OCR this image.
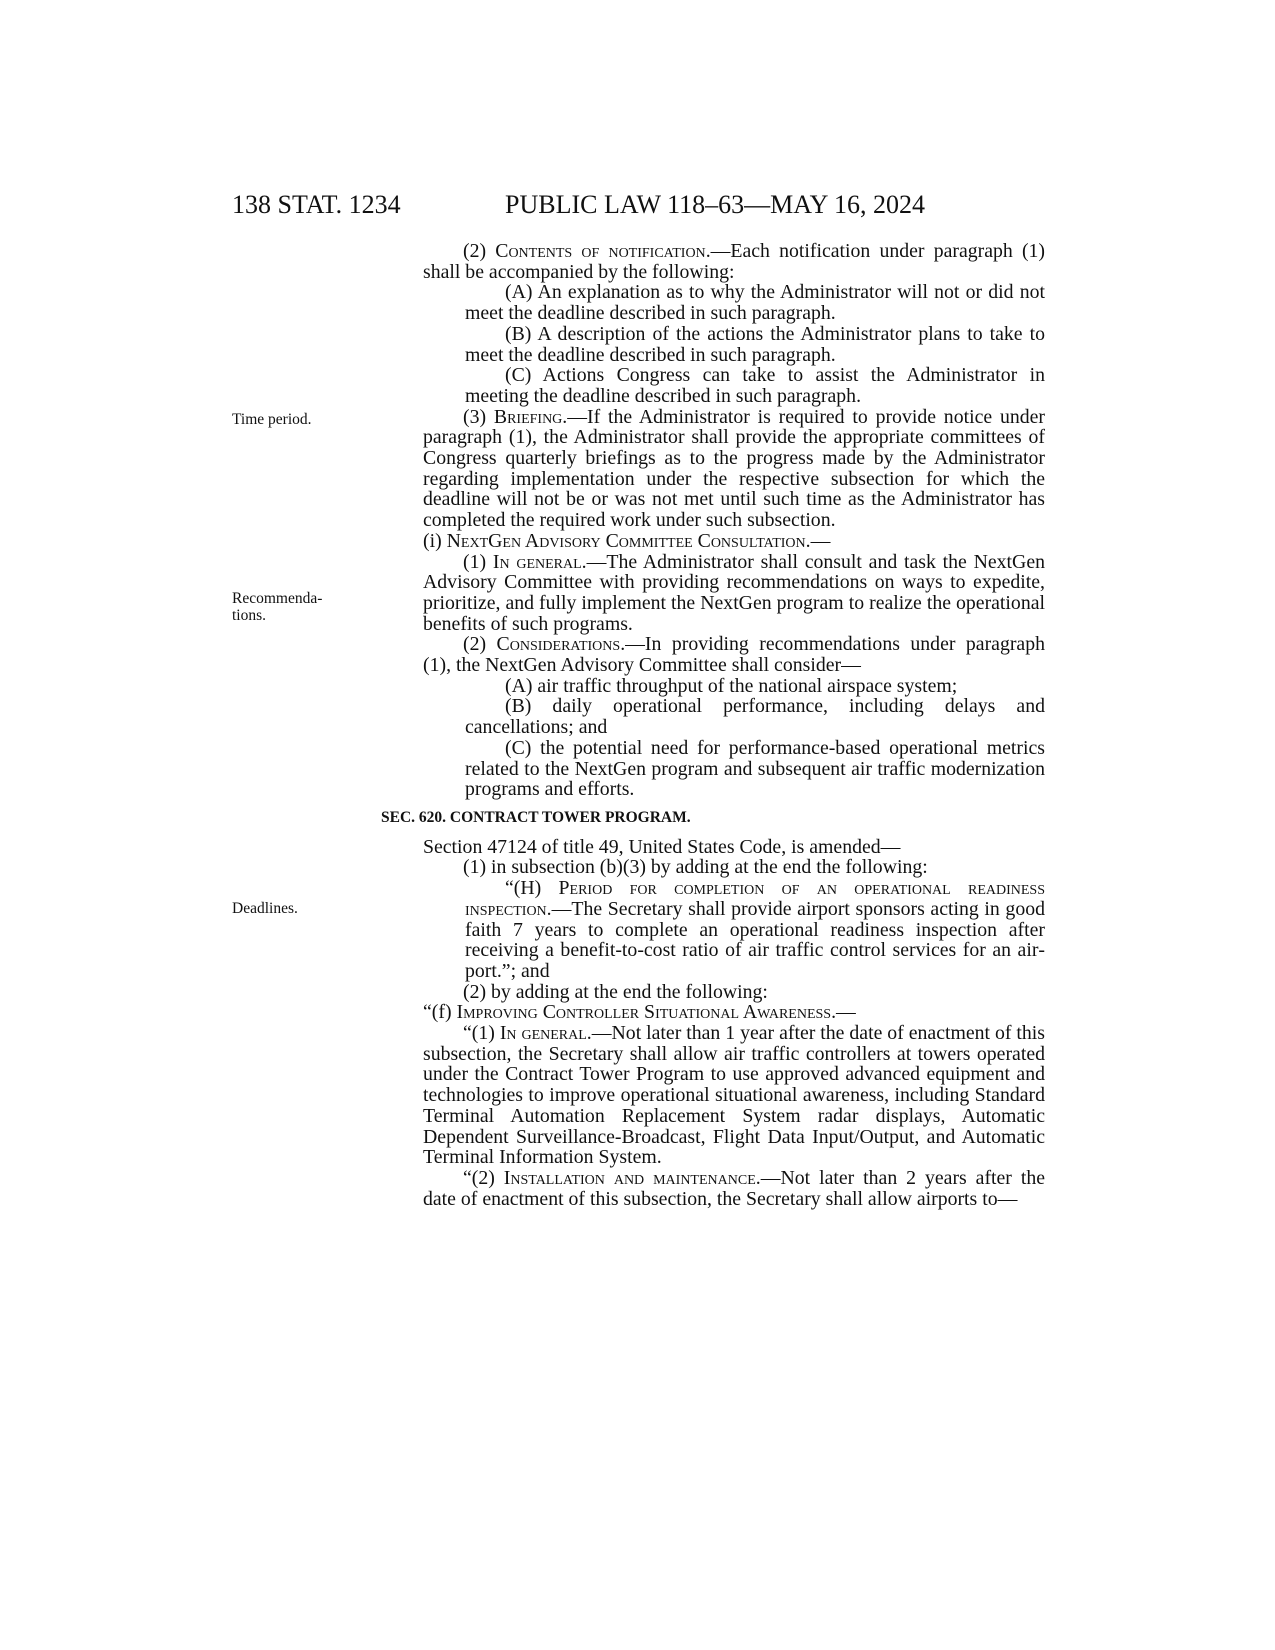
138 STAT. 1234	PUBLIC LAW 118–63—MAY 16, 2024
Time period.
Recommenda-
tions.
Deadlines.

(2) Contents of notification.—Each notification under paragraph (1) shall be accompanied by the following:

(A) An explanation as to why the Administrator will not or did not meet the deadline described in such paragraph.

(B) A description of the actions the Administrator plans to take to meet the deadline described in such paragraph.

(C) Actions Congress can take to assist the Administrator in meeting the deadline described in such paragraph.

(3) Briefing.—If the Administrator is required to provide notice under paragraph (1), the Administrator shall provide the appropriate committees of Congress quarterly briefings as to the progress made by the Administrator regarding implementation under the respective subsection for which the deadline will not be or was not met until such time as the Administrator has completed the required work under such subsection.

(i) NextGen Advisory Committee Consultation.—

(1) In general.—The Administrator shall consult and task the NextGen Advisory Committee with providing recommendations on ways to expedite, prioritize, and fully implement the NextGen program to realize the operational benefits of such programs.

(2) Considerations.—In providing recommendations under paragraph (1), the NextGen Advisory Committee shall consider—

(A) air traffic throughput of the national airspace system;

(B) daily operational performance, including delays and cancellations; and

(C) the potential need for performance-based operational metrics related to the NextGen program and subsequent air traffic modernization programs and efforts.

SEC. 620. CONTRACT TOWER PROGRAM.

Section 47124 of title 49, United States Code, is amended—

(1) in subsection (b)(3) by adding at the end the following:

“(H) Period for completion of an operational readiness inspection.—The Secretary shall provide airport sponsors acting in good faith 7 years to complete an operational readiness inspection after receiving a benefit-to-cost ratio of air traffic control services for an airport.”; and

(2) by adding at the end the following:

“(f) Improving Controller Situational Awareness.—

“(1) In general.—Not later than 1 year after the date of enactment of this subsection, the Secretary shall allow air traffic controllers at towers operated under the Contract Tower Program to use approved advanced equipment and technologies to improve operational situational awareness, including Standard Terminal Automation Replacement System radar displays, Automatic Dependent Surveillance-Broadcast, Flight Data Input/Output, and Automatic Terminal Information System.

“(2) Installation and maintenance.—Not later than 2 years after the date of enactment of this subsection, the Secretary shall allow airports to—
